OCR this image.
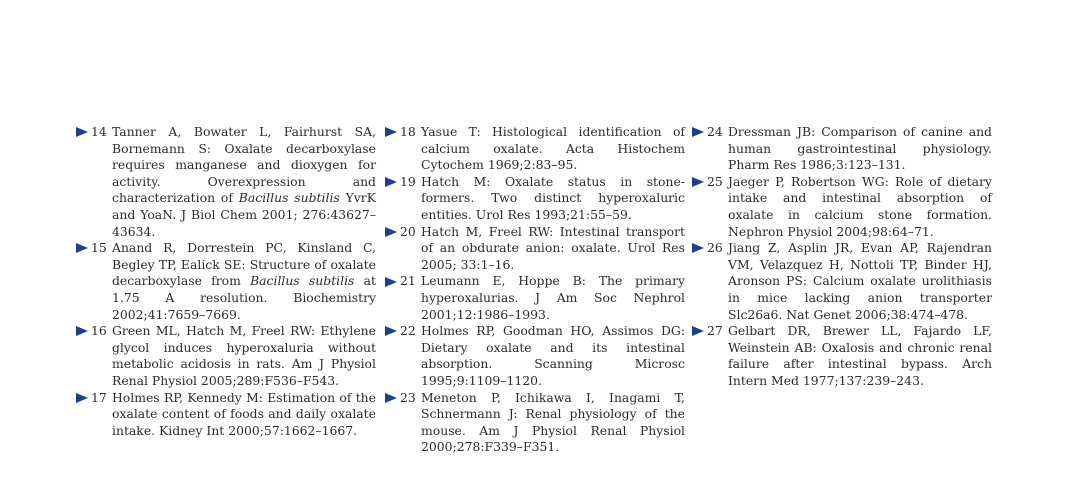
14 Tanner A, Bowater L, Fairhurst SA, Bornemann S: Oxalate decarboxylase requires manganese and dioxygen for activity. Overexpression and characterization of Bacillus subtilis YvrK and YoaN. J Biol Chem 2001; 276:43627–43634.
15 Anand R, Dorrestein PC, Kinsland C, Begley TP, Ealick SE: Structure of oxalate decarboxylase from Bacillus subtilis at 1.75 A resolution. Biochemistry 2002;41:7659–7669.
16 Green ML, Hatch M, Freel RW: Ethylene glycol induces hyperoxaluria without metabolic acidosis in rats. Am J Physiol Renal Physiol 2005;289:F536–F543.
17 Holmes RP, Kennedy M: Estimation of the oxalate content of foods and daily oxalate intake. Kidney Int 2000;57:1662–1667.
18 Yasue T: Histological identification of calcium oxalate. Acta Histochem Cytochem 1969;2:83–95.
19 Hatch M: Oxalate status in stone-formers. Two distinct hyperoxaluric entities. Urol Res 1993;21:55–59.
20 Hatch M, Freel RW: Intestinal transport of an obdurate anion: oxalate. Urol Res 2005; 33:1–16.
21 Leumann E, Hoppe B: The primary hyperoxalurias. J Am Soc Nephrol 2001;12:1986–1993.
22 Holmes RP, Goodman HO, Assimos DG: Dietary oxalate and its intestinal absorption. Scanning Microsc 1995;9:1109–1120.
23 Meneton P, Ichikawa I, Inagami T, Schnermann J: Renal physiology of the mouse. Am J Physiol Renal Physiol 2000;278:F339–F351.
24 Dressman JB: Comparison of canine and human gastrointestinal physiology. Pharm Res 1986;3:123–131.
25 Jaeger P, Robertson WG: Role of dietary intake and intestinal absorption of oxalate in calcium stone formation. Nephron Physiol 2004;98:64–71.
26 Jiang Z, Asplin JR, Evan AP, Rajendran VM, Velazquez H, Nottoli TP, Binder HJ, Aronson PS: Calcium oxalate urolithiasis in mice lacking anion transporter Slc26a6. Nat Genet 2006;38:474–478.
27 Gelbart DR, Brewer LL, Fajardo LF, Weinstein AB: Oxalosis and chronic renal failure after intestinal bypass. Arch Intern Med 1977;137:239–243.
